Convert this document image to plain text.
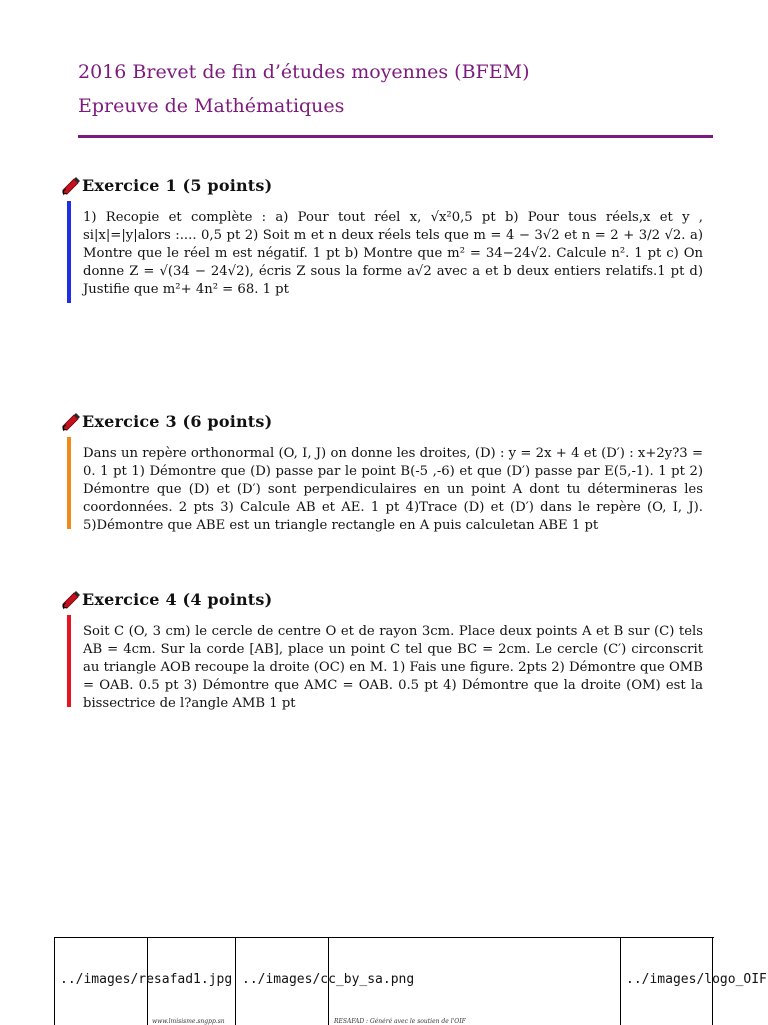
2016 Brevet de fin d’études moyennes (BFEM)
Epreuve de Mathématiques
Exercice 1 (5 points)
1) Recopie et complète : a) Pour tout réel x, √x²0,5 pt b) Pour tous réels,x et y , si|x|=|y|alors :.... 0,5 pt 2) Soit m et n deux réels tels que m = 4 − 3√2 et n = 2 + 3/2 √2. a) Montre que le réel m est négatif. 1 pt b) Montre que m² = 34−24√2. Calcule n². 1 pt c) On donne Z = √(34 − 24√2), écris Z sous la forme a√2 avec a et b deux entiers relatifs.1 pt d) Justifie que m²+ 4n² = 68. 1 pt
Exercice 3 (6 points)
Dans un repère orthonormal (O, I, J) on donne les droites, (D) : y = 2x + 4 et (D′) : x+2y?3 = 0. 1 pt 1) Démontre que (D) passe par le point B(-5 ,-6) et que (D′) passe par E(5,-1). 1 pt 2) Démontre que (D) et (D′) sont perpendiculaires en un point A dont tu détermineras les coordonnées. 2 pts 3) Calcule AB et AE. 1 pt 4)Trace (D) et (D′) dans le repère (O, I, J). 5)Démontre que ABE est un triangle rectangle en A puis calculetan ABE 1 pt
Exercice 4 (4 points)
Soit C (O, 3 cm) le cercle de centre O et de rayon 3cm. Place deux points A et B sur (C) tels AB = 4cm. Sur la corde [AB], place un point C tel que BC = 2cm. Le cercle (C′) circonscrit au triangle AOB recoupe la droite (OC) en M. 1) Fais une figure. 2pts 2) Démontre que OMB = OAB. 0.5 pt 3) Démontre que AMC = OAB. 0.5 pt 4) Démontre que la droite (OM) est la bissectrice de l?angle AMB 1 pt
../images/resafad1.jpg ../images/cc_by_sa.png	../images/logo_OIF
www.lmisisme.sngpp.sn	RESAFAD : Généré avec le soutien de l'OIF
